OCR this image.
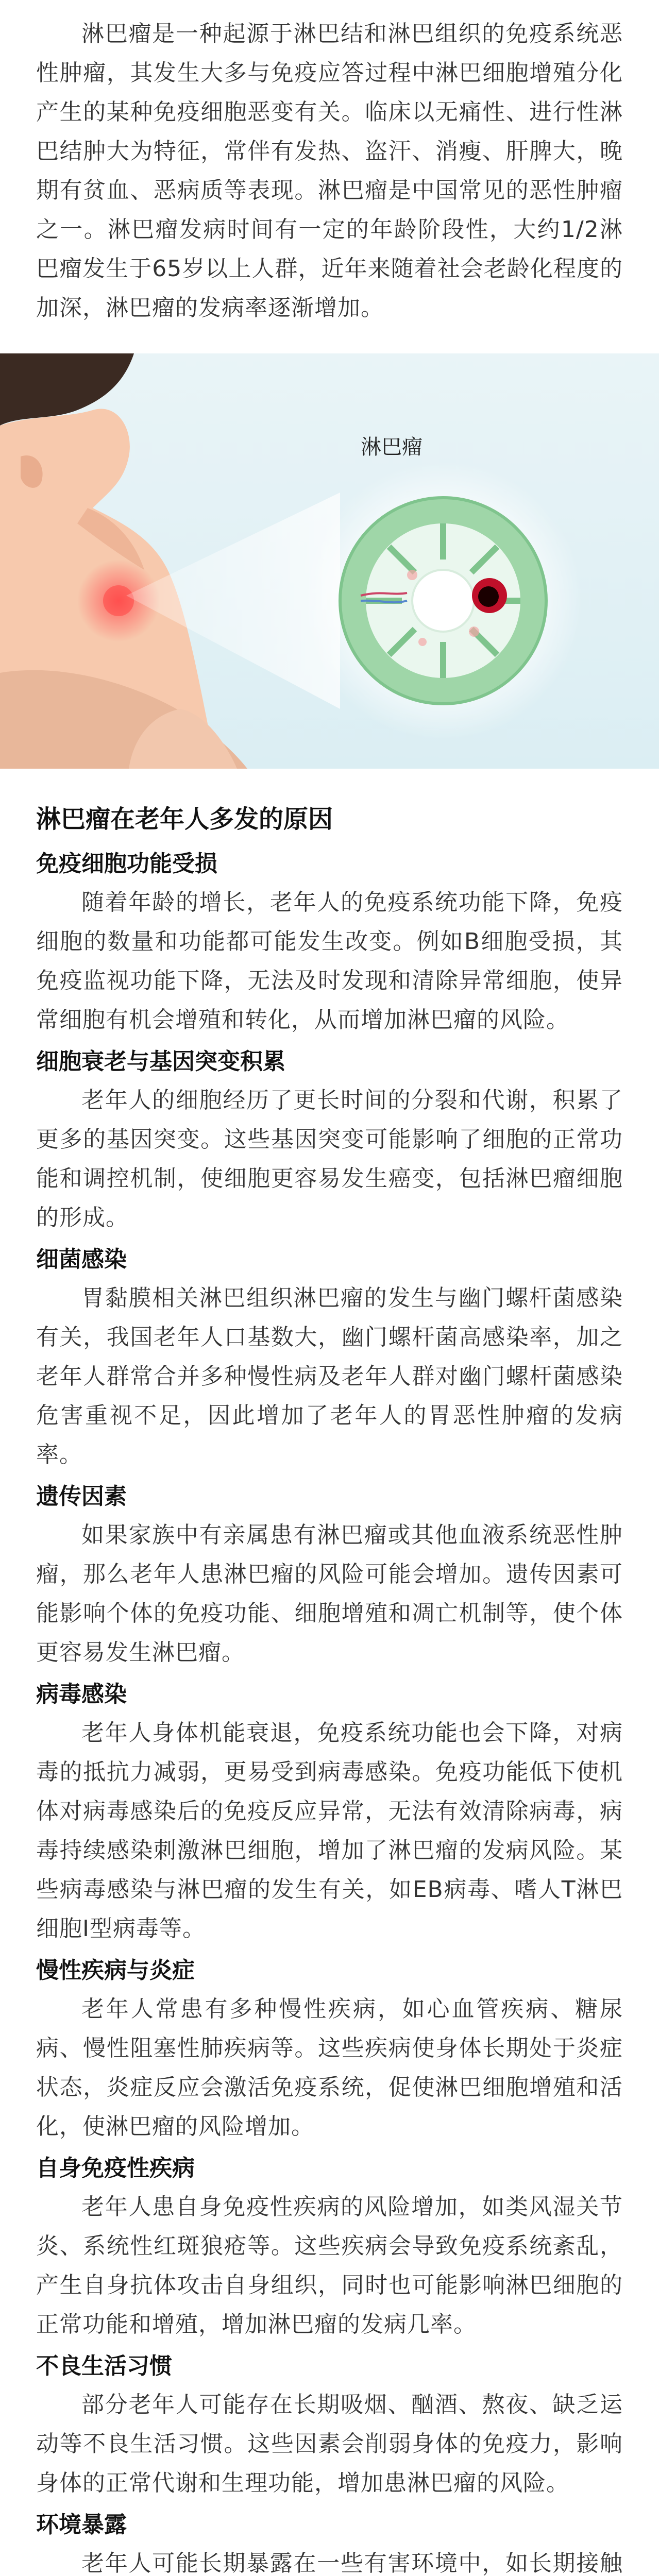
淋巴瘤是一种起源于淋巴结和淋巴组织的免疫系统恶性肿瘤，其发生大多与免疫应答过程中淋巴细胞增殖分化产生的某种免疫细胞恶变有关。临床以无痛性、进行性淋巴结肿大为特征，常伴有发热、盗汗、消瘦、肝脾大，晚期有贫血、恶病质等表现。淋巴瘤是中国常见的恶性肿瘤之一。淋巴瘤发病时间有一定的年龄阶段性，大约1/2淋巴瘤发生于65岁以上人群，近年来随着社会老龄化程度的加深，淋巴瘤的发病率逐渐增加。

淋巴瘤
淋巴瘤在老年人多发的原因
免疫细胞功能受损

随着年龄的增长，老年人的免疫系统功能下降，免疫细胞的数量和功能都可能发生改变。例如B细胞受损，其免疫监视功能下降，无法及时发现和清除异常细胞，使异常细胞有机会增殖和转化，从而增加淋巴瘤的风险。

细胞衰老与基因突变积累

老年人的细胞经历了更长时间的分裂和代谢，积累了更多的基因突变。这些基因突变可能影响了细胞的正常功能和调控机制，使细胞更容易发生癌变，包括淋巴瘤细胞的形成。

细菌感染

胃黏膜相关淋巴组织淋巴瘤的发生与幽门螺杆菌感染有关，我国老年人口基数大，幽门螺杆菌高感染率，加之老年人群常合并多种慢性病及老年人群对幽门螺杆菌感染危害重视不足，因此增加了老年人的胃恶性肿瘤的发病率。

遗传因素

如果家族中有亲属患有淋巴瘤或其他血液系统恶性肿瘤，那么老年人患淋巴瘤的风险可能会增加。遗传因素可能影响个体的免疫功能、细胞增殖和凋亡机制等，使个体更容易发生淋巴瘤。

病毒感染

老年人身体机能衰退，免疫系统功能也会下降，对病毒的抵抗力减弱，更易受到病毒感染。免疫功能低下使机体对病毒感染后的免疫反应异常，无法有效清除病毒，病毒持续感染刺激淋巴细胞，增加了淋巴瘤的发病风险。某些病毒感染与淋巴瘤的发生有关，如EB病毒、嗜人T淋巴细胞Ⅰ型病毒等。

慢性疾病与炎症

老年人常患有多种慢性疾病，如心血管疾病、糖尿病、慢性阻塞性肺疾病等。这些疾病使身体长期处于炎症状态，炎症反应会激活免疫系统，促使淋巴细胞增殖和活化，使淋巴瘤的风险增加。

自身免疫性疾病

老年人患自身免疫性疾病的风险增加，如类风湿关节炎、系统性红斑狼疮等。这些疾病会导致免疫系统紊乱，产生自身抗体攻击自身组织，同时也可能影响淋巴细胞的正常功能和增殖，增加淋巴瘤的发病几率。

不良生活习惯

部分老年人可能存在长期吸烟、酗酒、熬夜、缺乏运动等不良生活习惯。这些因素会削弱身体的免疫力，影响身体的正常代谢和生理功能，增加患淋巴瘤的风险。

环境暴露

老年人可能长期暴露在一些有害环境中，如长期接触
